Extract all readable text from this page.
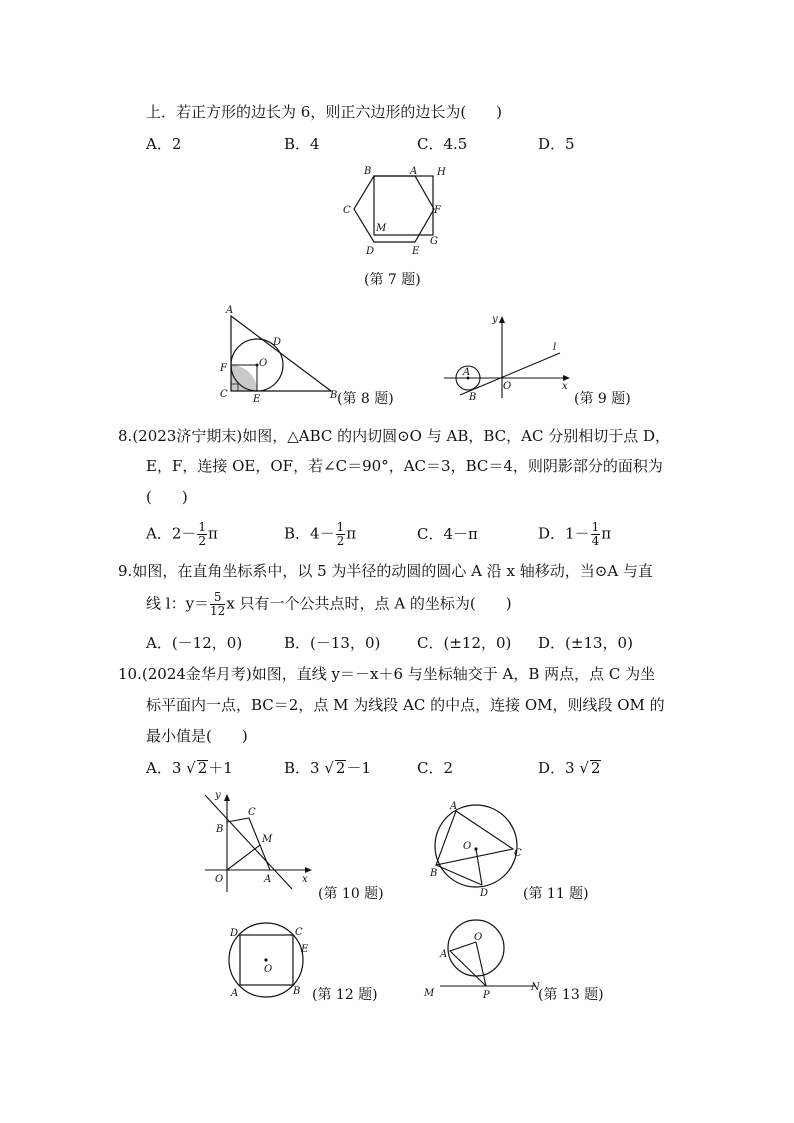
上．若正方形的边长为 6，则正六边形的边长为(　　)
A．2	B．4	C．4.5	D．5
B	A H
C	F
M
G
D	E
(第 7 题)
A
D
O
F
C	E	B (第 8 题)
y
l
A
O
B
x
(第 9 题)
8.(2023济宁期末)如图，△ABC 的内切圆⊙O 与 AB，BC，AC 分别相切于点 D，
E，F，连接 OE，OF，若∠C＝90°，AC＝3，BC＝4，则阴影部分的面积为
(　　)
A．$2- \frac{1}{2}$ π	B．$4- \frac{1}{2}$ π	C．4－π	D．$1- \frac{1}{4}$ π
9.如图，在直角坐标系中，以 5 为半径的动圆的圆心 A 沿 x 轴移动，当⊙A 与直
线 l：$y= \frac{5}{12}$ x 只有一个公共点时，点 A 的坐标为(　　)
A．(－12，0)	B．(－13，0) C．(±12，0) D．(±13，0)
10.(2024金华月考)如图，直线 y＝－x＋6 与坐标轴交于 A，B 两点，点 C 为坐
标平面内一点，BC＝2，点 M 为线段 AC 的中点，连接 OM，则线段 OM 的
最小值是(　　)
A．3 √ 2＋1	B．3 √ 2－1	C．2	D．3 √ 2
y
C
B
M
O	A	x
(第 10 题)
A
O
C
B
D (第 11 题)
D	C
E
O
A	B (第 12 题)
O
A
M	P
N
(第 13 题)
